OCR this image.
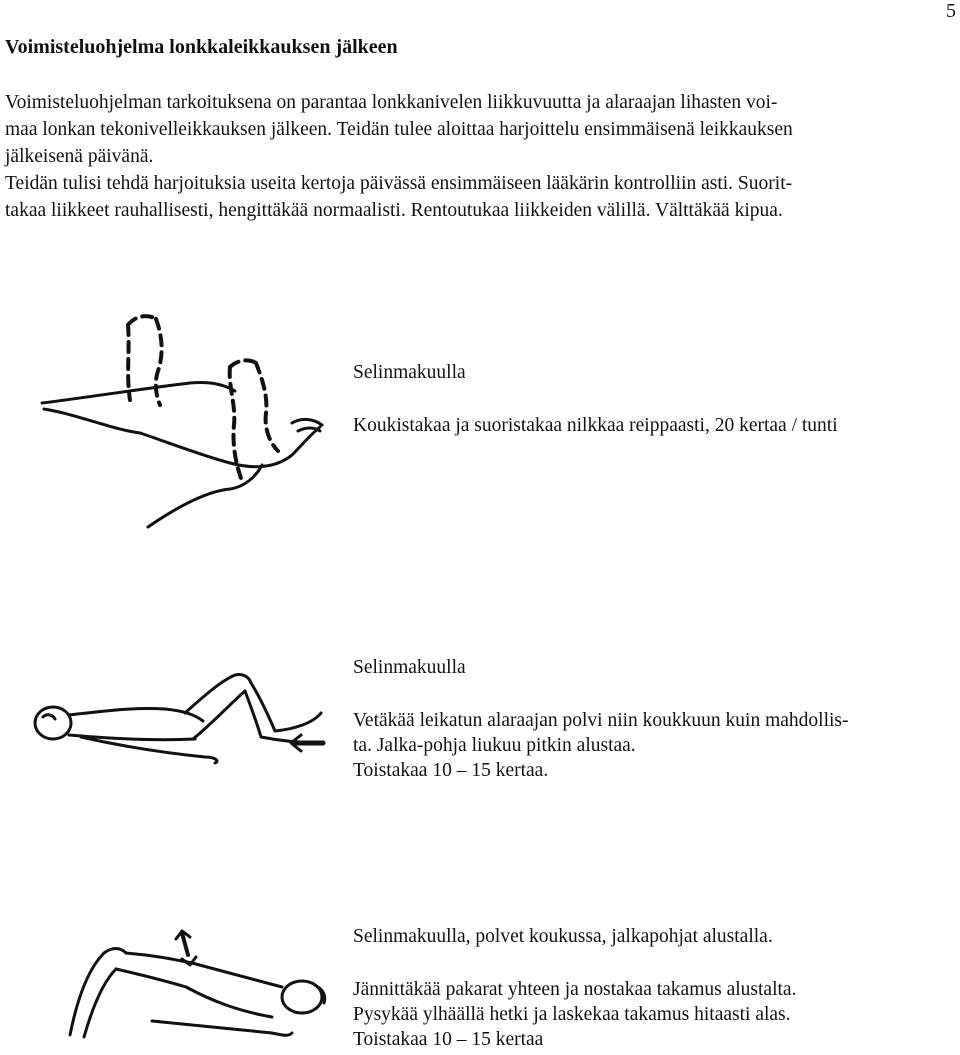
5
Voimisteluohjelma lonkkaleikkauksen jälkeen

Voimisteluohjelman tarkoituksena on parantaa lonkkanivelen liikkuvuutta ja alaraajan lihasten voi-

maa lonkan tekonivelleikkauksen jälkeen. Teidän tulee aloittaa harjoittelu ensimmäisenä leikkauksen

jälkeisenä päivänä.

Teidän tulisi tehdä harjoituksia useita kertoja päivässä ensimmäiseen lääkärin kontrolliin asti. Suorit-

takaa liikkeet rauhallisesti, hengittäkää normaalisti. Rentoutukaa liikkeiden välillä. Välttäkää kipua.

Selinmakuulla

Koukistakaa ja suoristakaa nilkkaa reippaasti, 20 kertaa / tunti

Selinmakuulla

Vetäkää leikatun alaraajan polvi niin koukkuun kuin mahdollis-

ta. Jalka-pohja liukuu pitkin alustaa.

Toistakaa 10 – 15 kertaa.

Selinmakuulla, polvet koukussa, jalkapohjat alustalla.

Jännittäkää pakarat yhteen ja nostakaa takamus alustalta.

Pysykää ylhäällä hetki ja laskekaa takamus hitaasti alas.

Toistakaa 10 – 15 kertaa
